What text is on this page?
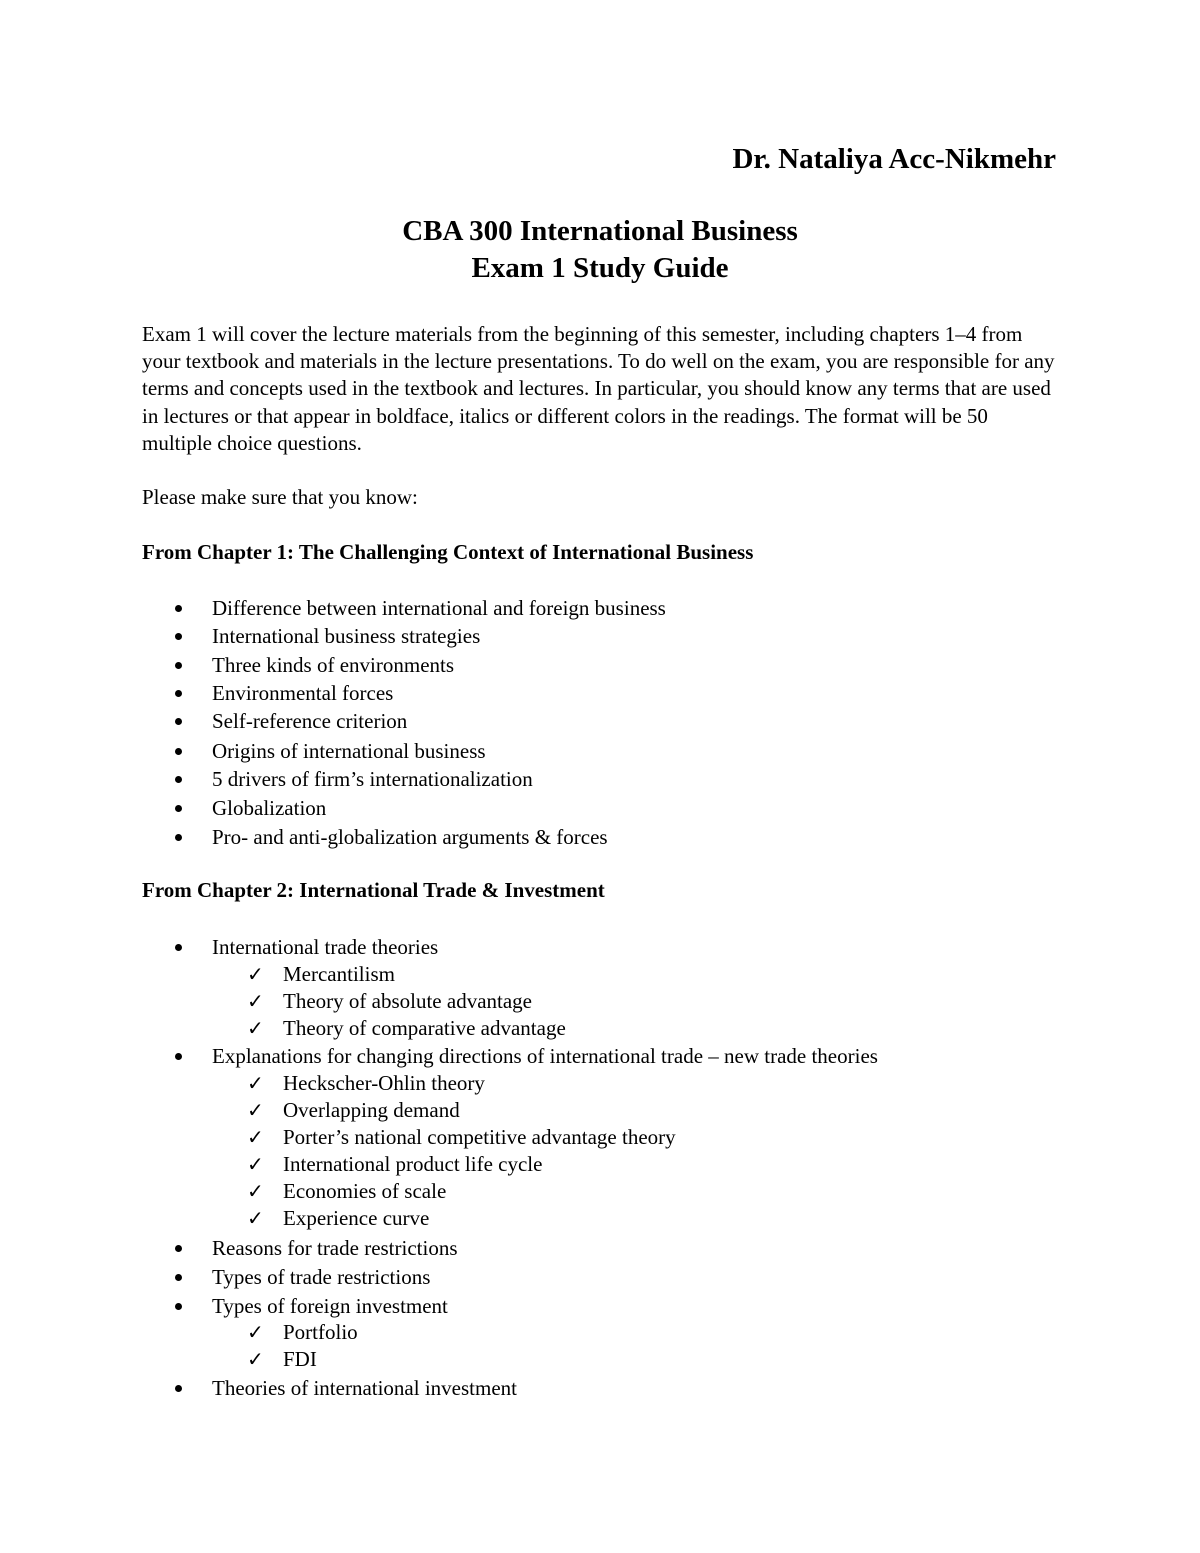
Dr. Nataliya Acc-Nikmehr
CBA 300 International Business
Exam 1 Study Guide

Exam 1 will cover the lecture materials from the beginning of this semester, including chapters 1–4 from your textbook and materials in the lecture presentations. To do well on the exam, you are responsible for any terms and concepts used in the textbook and lectures. In particular, you should know any terms that are used in lectures or that appear in boldface, italics or different colors in the readings. The format will be 50 multiple choice questions.

Please make sure that you know:

From Chapter 1: The Challenging Context of International Business

Difference between international and foreign business
International business strategies
Three kinds of environments
Environmental forces
Self-reference criterion
Origins of international business
5 drivers of firm’s internationalization
Globalization
Pro- and anti-globalization arguments & forces

From Chapter 2: International Trade & Investment

International trade theories
✓ Mercantilism
✓ Theory of absolute advantage
✓ Theory of comparative advantage
Explanations for changing directions of international trade – new trade theories
✓ Heckscher-Ohlin theory
✓ Overlapping demand
✓ Porter’s national competitive advantage theory
✓ International product life cycle
✓ Economies of scale
✓ Experience curve
Reasons for trade restrictions
Types of trade restrictions
Types of foreign investment
✓ Portfolio
✓ FDI
Theories of international investment
